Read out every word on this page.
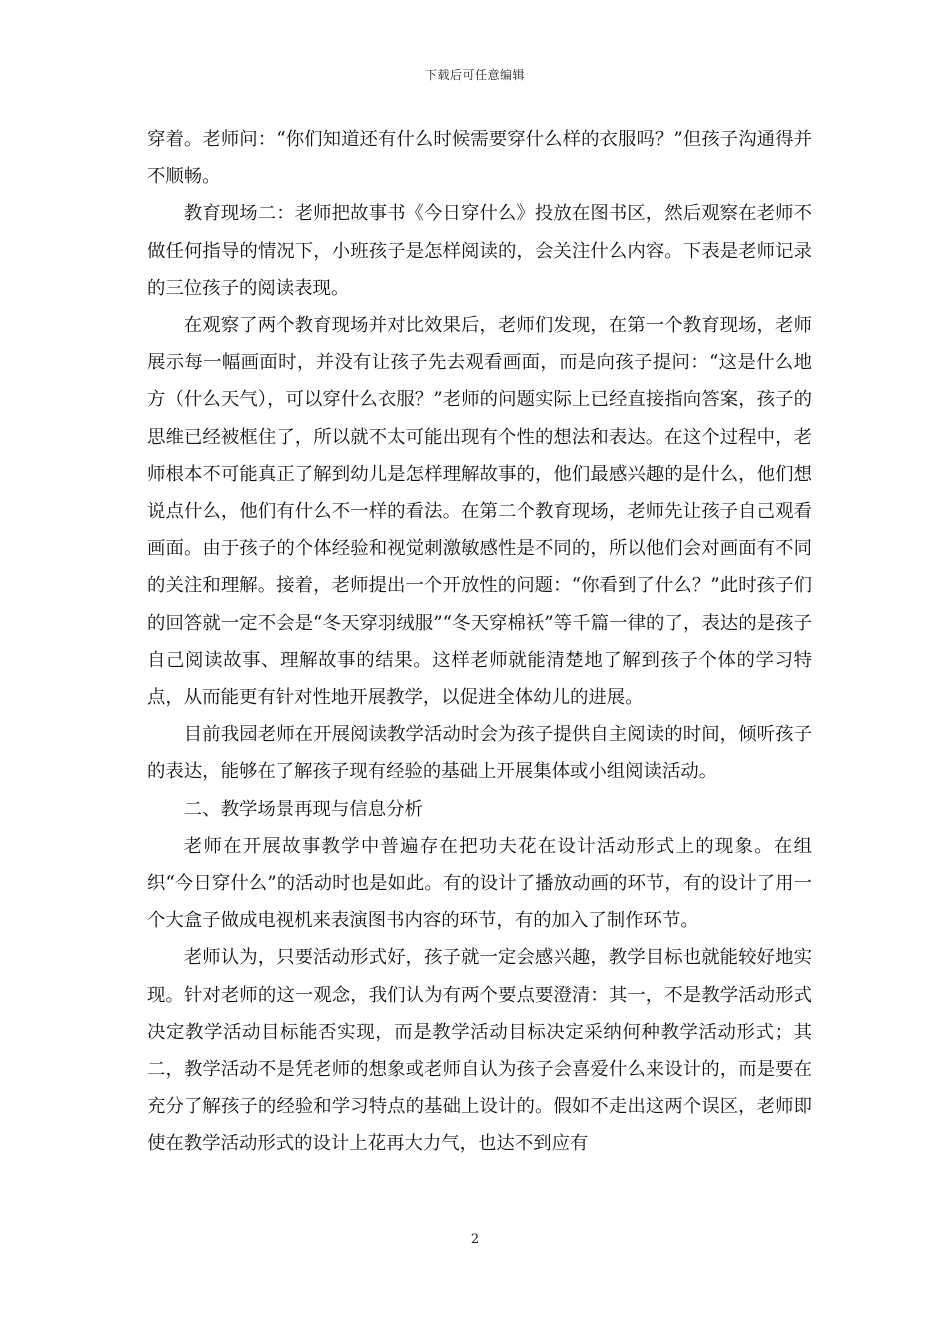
下载后可任意编辑

穿着。老师问：“你们知道还有什么时候需要穿什么样的衣服吗？”但孩子沟通得并不顺畅。

教育现场二：老师把故事书《今日穿什么》投放在图书区，然后观察在老师不做任何指导的情况下，小班孩子是怎样阅读的，会关注什么内容。下表是老师记录的三位孩子的阅读表现。

在观察了两个教育现场并对比效果后，老师们发现，在第一个教育现场，老师展示每一幅画面时，并没有让孩子先去观看画面，而是向孩子提问：“这是什么地方（什么天气），可以穿什么衣服？”老师的问题实际上已经直接指向答案，孩子的思维已经被框住了，所以就不太可能出现有个性的想法和表达。在这个过程中，老师根本不可能真正了解到幼儿是怎样理解故事的，他们最感兴趣的是什么，他们想说点什么，他们有什么不一样的看法。在第二个教育现场，老师先让孩子自己观看画面。由于孩子的个体经验和视觉刺激敏感性是不同的，所以他们会对画面有不同的关注和理解。接着，老师提出一个开放性的问题：“你看到了什么？”此时孩子们的回答就一定不会是“冬天穿羽绒服”“冬天穿棉袄”等千篇一律的了，表达的是孩子自己阅读故事、理解故事的结果。这样老师就能清楚地了解到孩子个体的学习特点，从而能更有针对性地开展教学，以促进全体幼儿的进展。

目前我园老师在开展阅读教学活动时会为孩子提供自主阅读的时间，倾听孩子的表达，能够在了解孩子现有经验的基础上开展集体或小组阅读活动。

二、教学场景再现与信息分析

老师在开展故事教学中普遍存在把功夫花在设计活动形式上的现象。在组织“今日穿什么”的活动时也是如此。有的设计了播放动画的环节，有的设计了用一个大盒子做成电视机来表演图书内容的环节，有的加入了制作环节。

老师认为，只要活动形式好，孩子就一定会感兴趣，教学目标也就能较好地实现。针对老师的这一观念，我们认为有两个要点要澄清：其一，不是教学活动形式决定教学活动目标能否实现，而是教学活动目标决定采纳何种教学活动形式；其二，教学活动不是凭老师的想象或老师自认为孩子会喜爱什么来设计的，而是要在充分了解孩子的经验和学习特点的基础上设计的。假如不走出这两个误区，老师即使在教学活动形式的设计上花再大力气，也达不到应有

2
